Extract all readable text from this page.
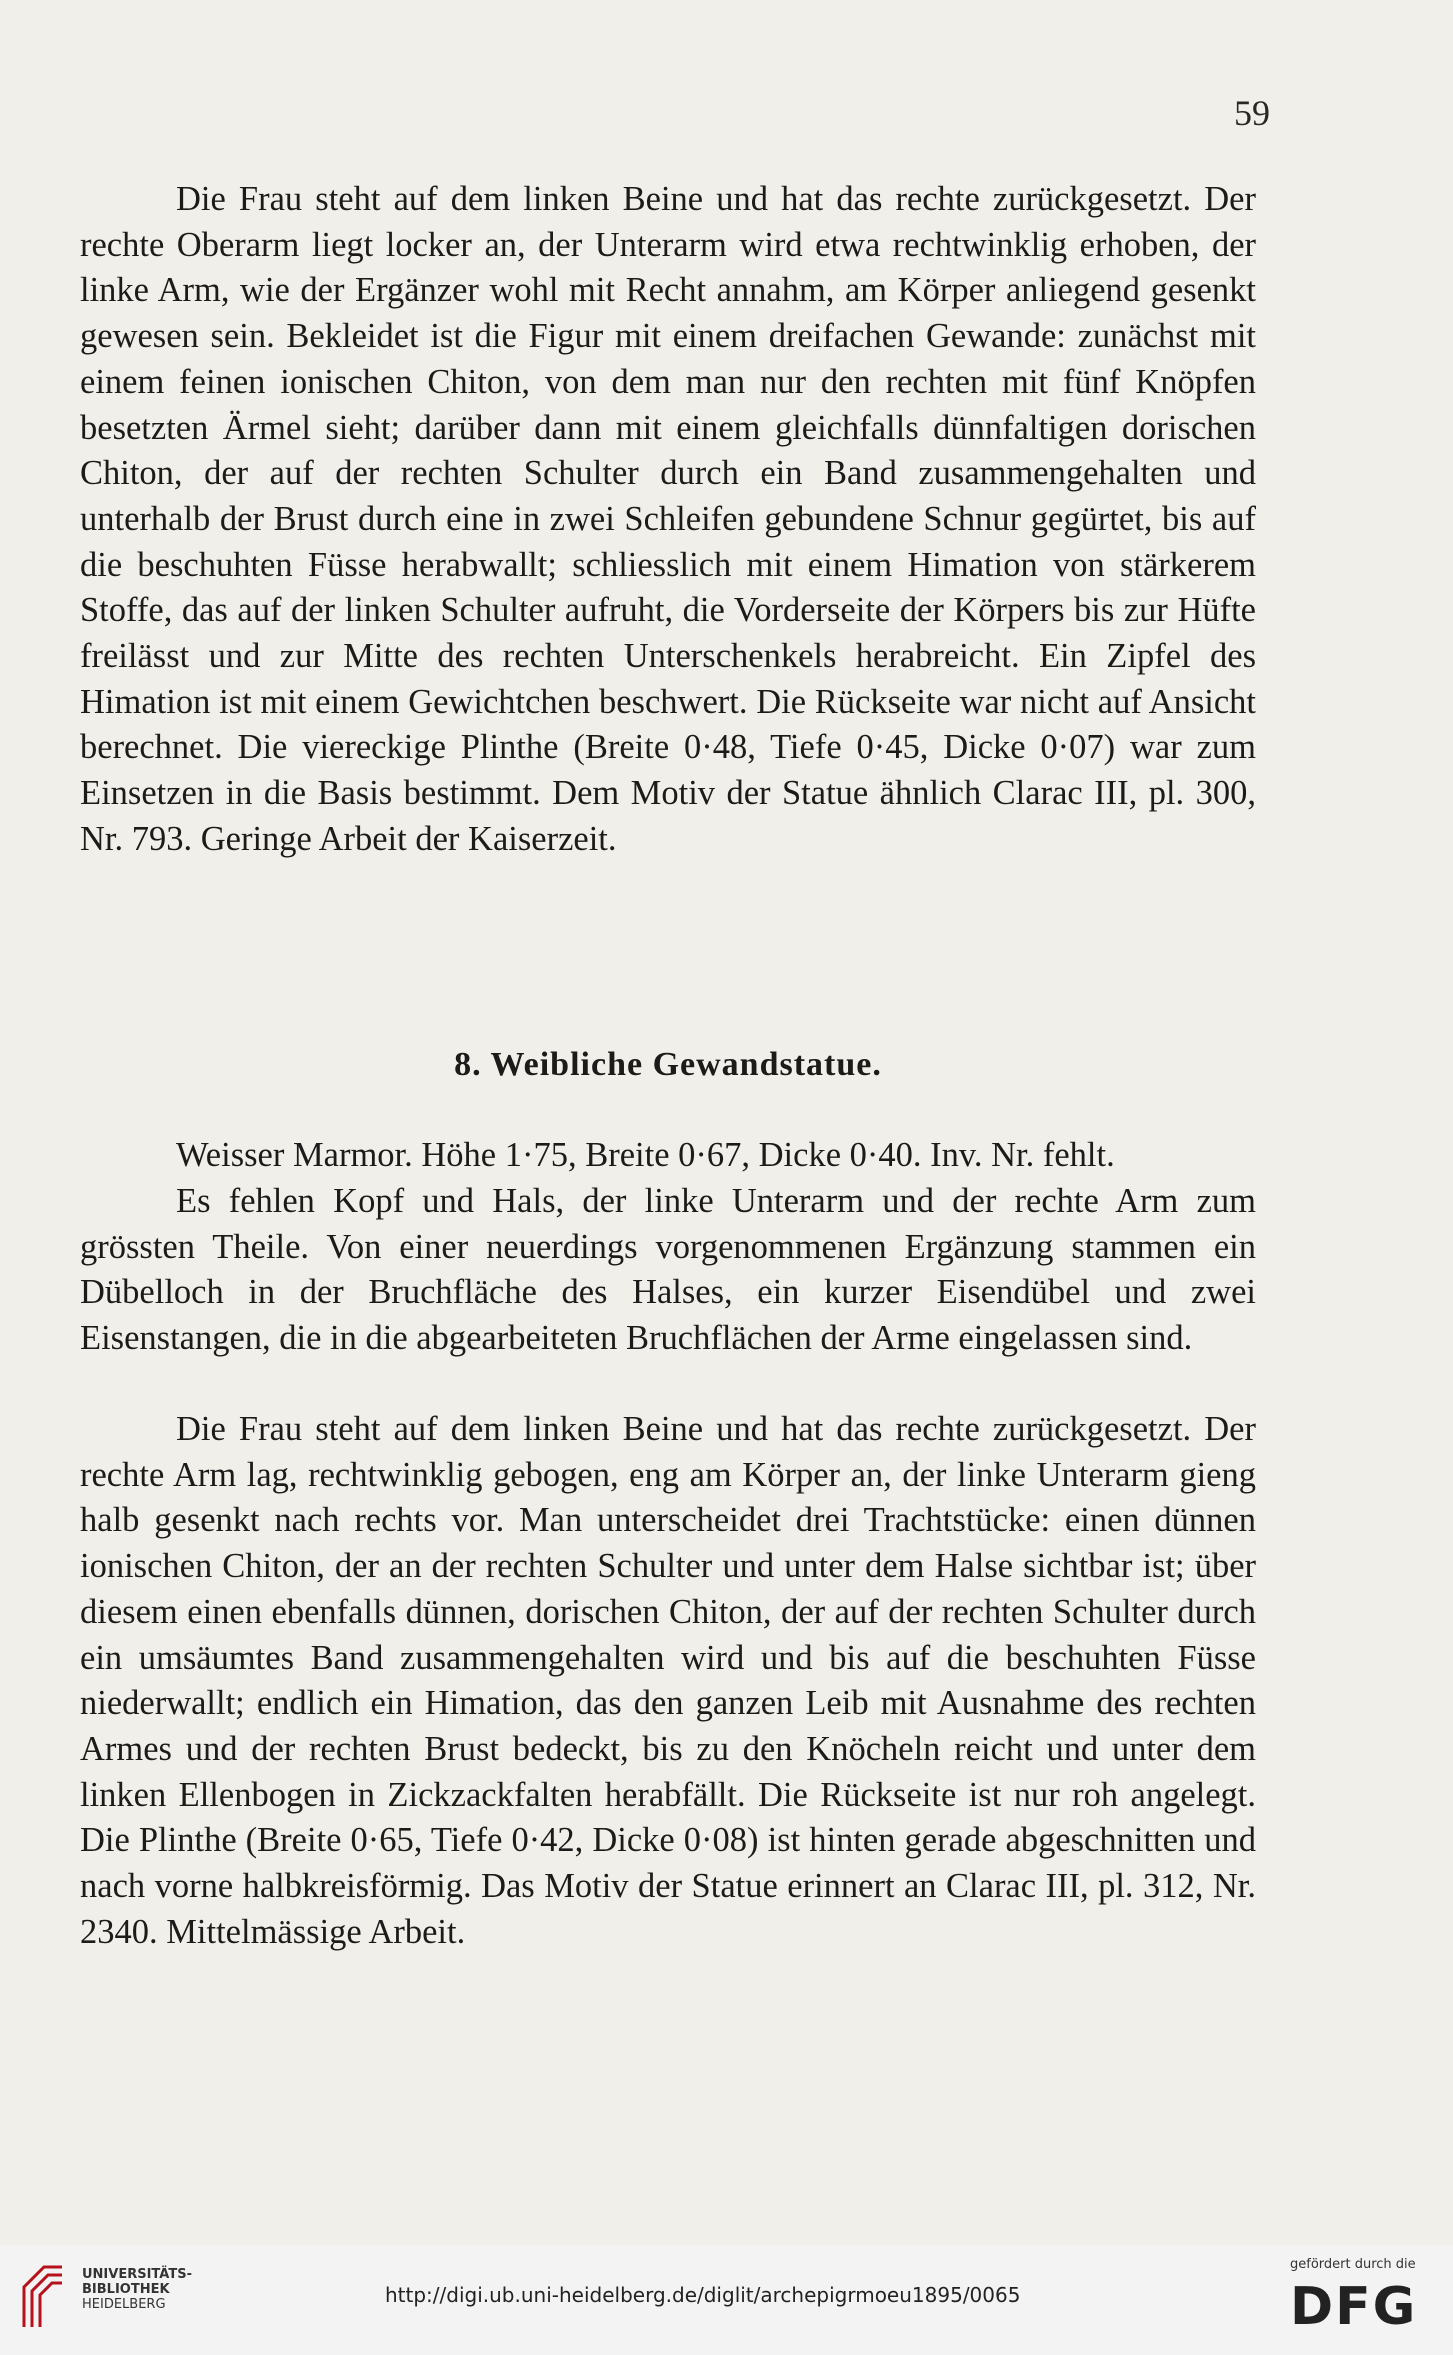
59

Die Frau steht auf dem linken Beine und hat das rechte zurückgesetzt. Der rechte Oberarm liegt locker an, der Unterarm wird etwa rechtwinklig erhoben, der linke Arm, wie der Ergänzer wohl mit Recht annahm, am Körper anliegend gesenkt gewesen sein. Bekleidet ist die Figur mit einem dreifachen Gewande: zunächst mit einem feinen ionischen Chiton, von dem man nur den rechten mit fünf Knöpfen besetzten Ärmel sieht; darüber dann mit einem gleichfalls dünnfaltigen dorischen Chiton, der auf der rechten Schulter durch ein Band zusammengehalten und unterhalb der Brust durch eine in zwei Schleifen gebundene Schnur gegürtet, bis auf die beschuhten Füsse herabwallt; schliesslich mit einem Himation von stärkerem Stoffe, das auf der linken Schulter aufruht, die Vorderseite der Körpers bis zur Hüfte freilässt und zur Mitte des rechten Unterschenkels herabreicht. Ein Zipfel des Himation ist mit einem Gewichtchen beschwert. Die Rückseite war nicht auf Ansicht berechnet. Die viereckige Plinthe (Breite 0·48, Tiefe 0·45, Dicke 0·07) war zum Einsetzen in die Basis bestimmt. Dem Motiv der Statue ähnlich Clarac III, pl. 300, Nr. 793. Geringe Arbeit der Kaiserzeit.

8. Weibliche Gewandstatue.

Weisser Marmor. Höhe 1·75, Breite 0·67, Dicke 0·40. Inv. Nr. fehlt.

Es fehlen Kopf und Hals, der linke Unterarm und der rechte Arm zum grössten Theile. Von einer neuerdings vorgenommenen Ergänzung stammen ein Dübelloch in der Bruchfläche des Halses, ein kurzer Eisendübel und zwei Eisenstangen, die in die abgearbeiteten Bruchflächen der Arme eingelassen sind.

Die Frau steht auf dem linken Beine und hat das rechte zurückgesetzt. Der rechte Arm lag, rechtwinklig gebogen, eng am Körper an, der linke Unterarm gieng halb gesenkt nach rechts vor. Man unterscheidet drei Trachtstücke: einen dünnen ionischen Chiton, der an der rechten Schulter und unter dem Halse sichtbar ist; über diesem einen ebenfalls dünnen, dorischen Chiton, der auf der rechten Schulter durch ein umsäumtes Band zusammengehalten wird und bis auf die beschuhten Füsse niederwallt; endlich ein Himation, das den ganzen Leib mit Ausnahme des rechten Armes und der rechten Brust bedeckt, bis zu den Knöcheln reicht und unter dem linken Ellenbogen in Zickzackfalten herabfällt. Die Rückseite ist nur roh angelegt. Die Plinthe (Breite 0·65, Tiefe 0·42, Dicke 0·08) ist hinten gerade abgeschnitten und nach vorne halbkreisförmig. Das Motiv der Statue erinnert an Clarac III, pl. 312, Nr. 2340. Mittelmässige Arbeit.

UNIVERSITÄTS-
BIBLIOTHEK
HEIDELBERG	http://digi.ub.uni-heidelberg.de/diglit/archepigrmoeu1895/0065
gefördert durch die
DFG
